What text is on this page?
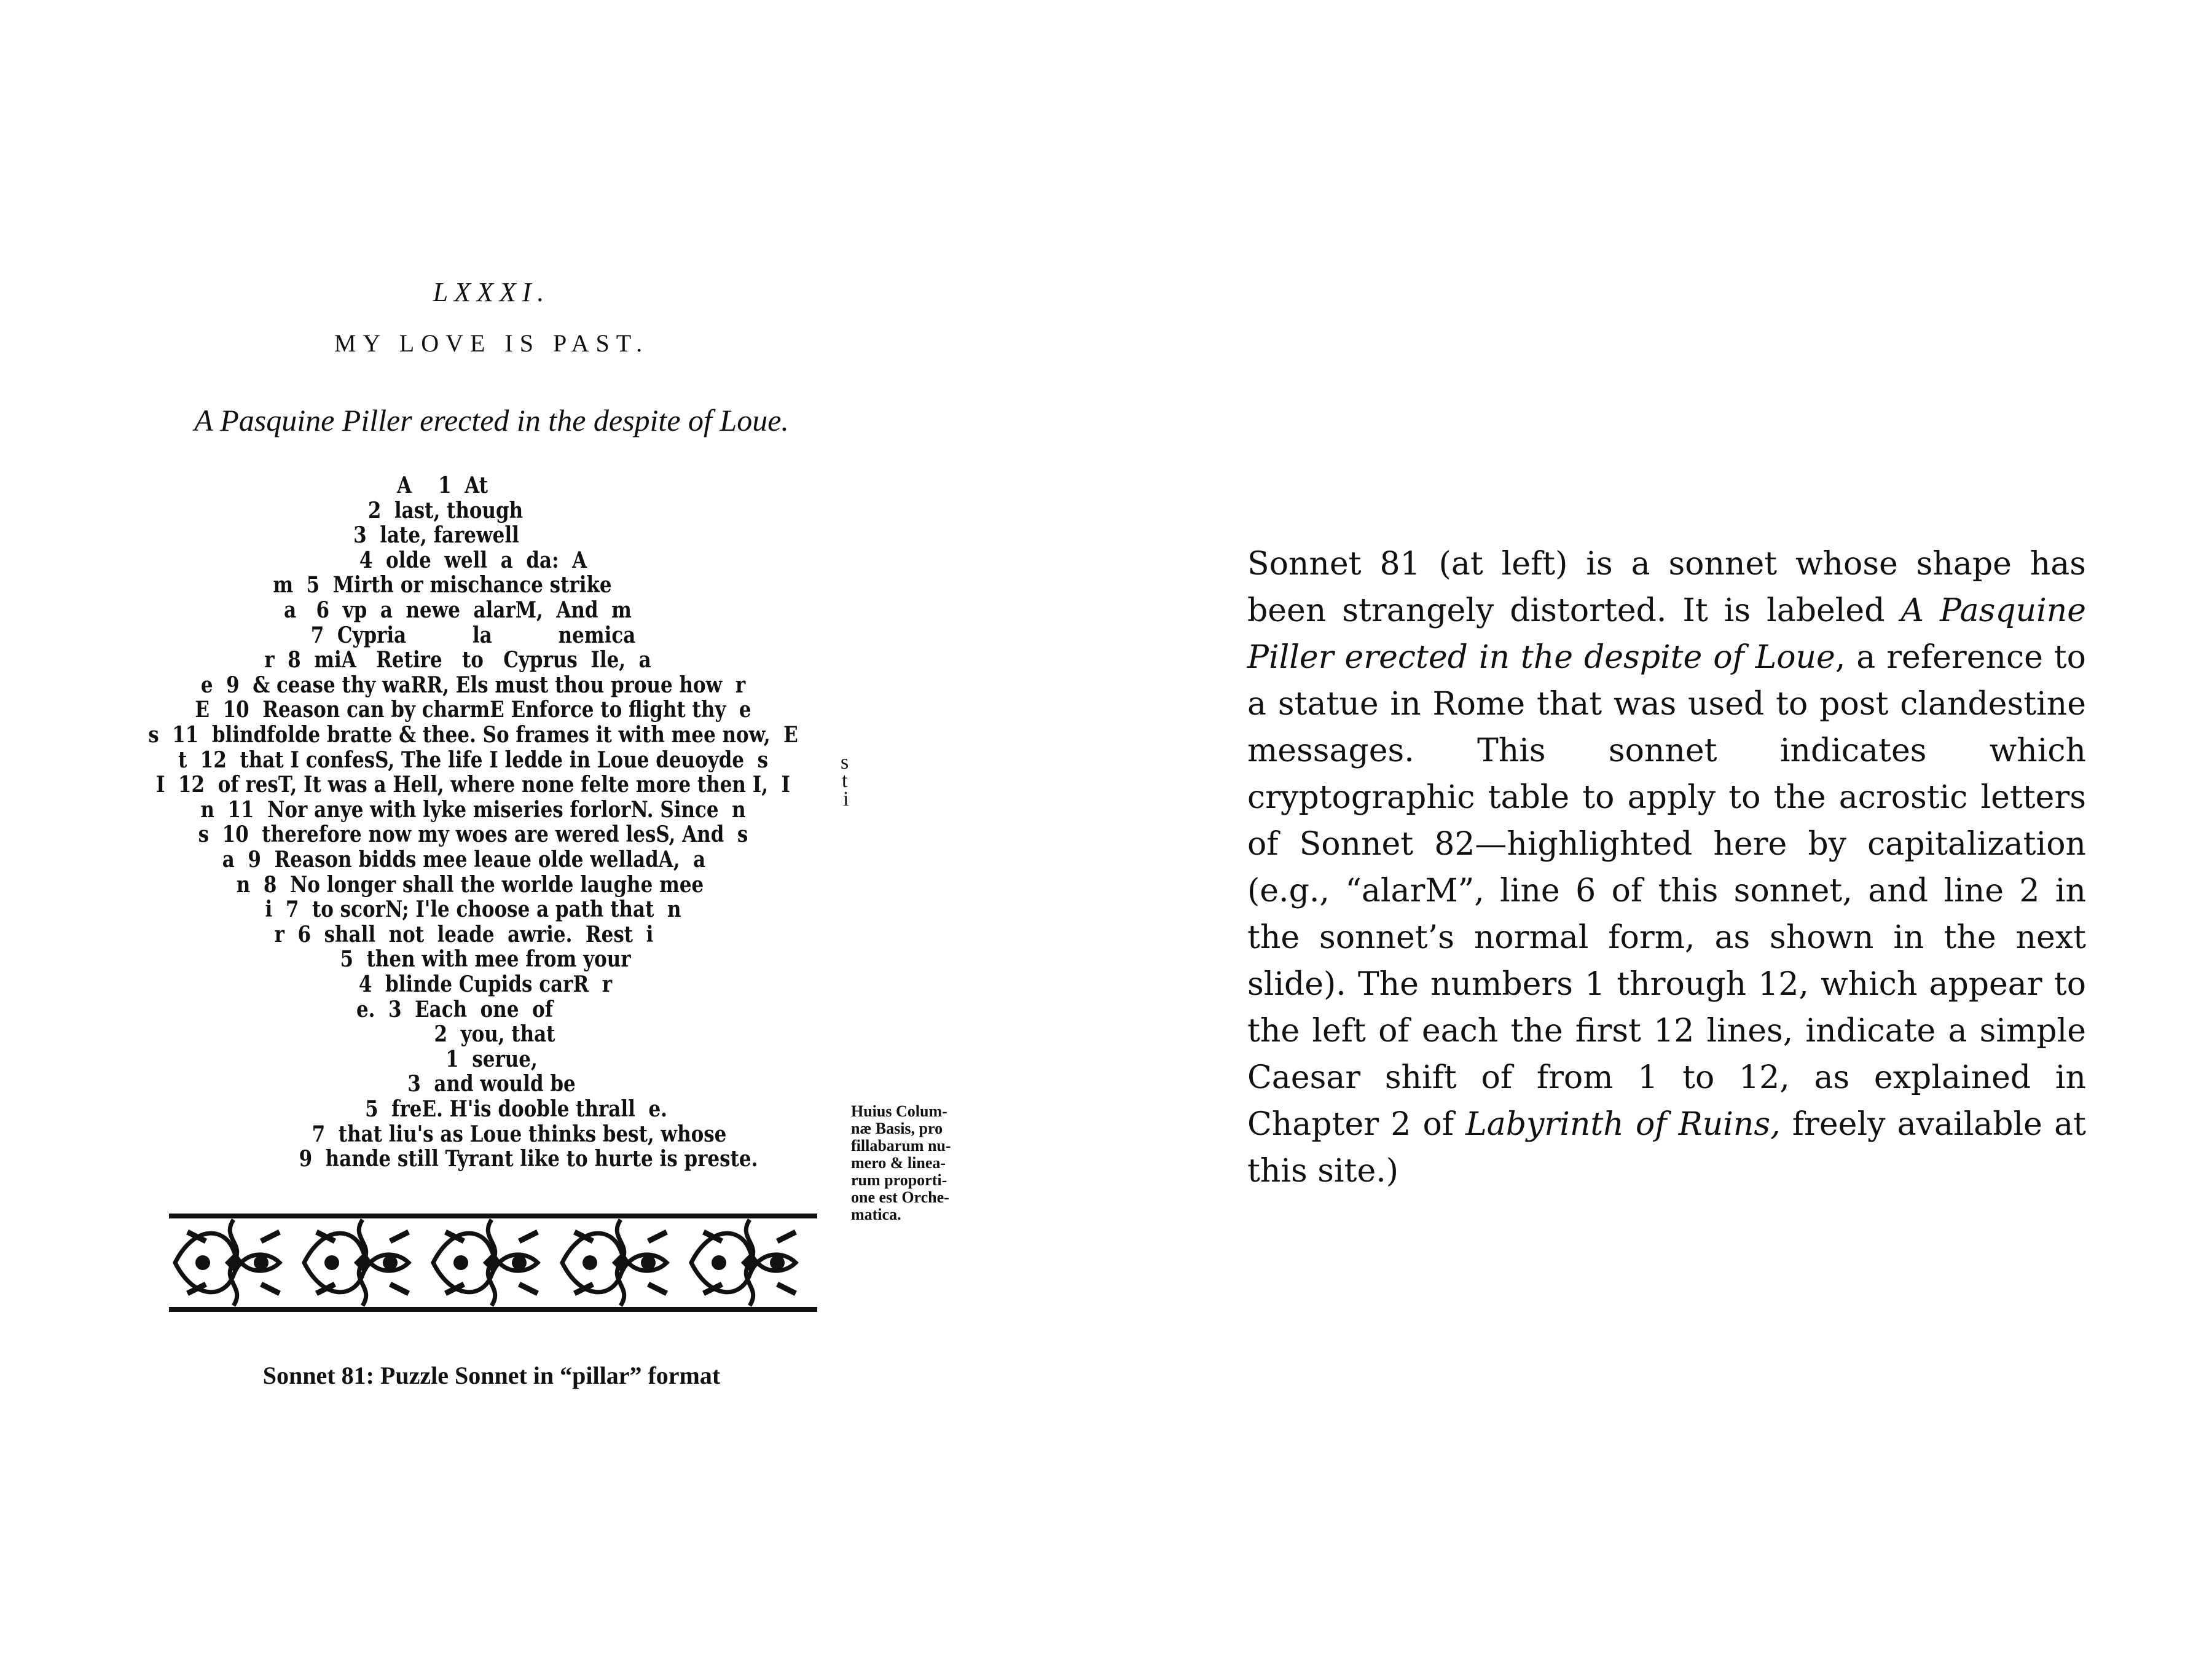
LXXXI.
MY LOVE IS PAST.
A Pasquine Piller erected in the despite of Loue.
A    1  At
2  last, though
3  late, farewell
4  olde  well  a  da:  A
m  5  Mirth or mischance strike
a   6  vp  a  newe  alarM,  And  m
7  Cypria          la          nemica
r  8  miA   Retire   to   Cyprus  Ile,  a
e  9  & cease thy waRR, Els must thou proue how  r
E  10  Reason can by charmE Enforce to flight thy  e
s  11  blindfolde bratte & thee. So frames it with mee now,  E
t  12  that I confesS, The life I ledde in Loue deuoyde  s
I  12  of resT, It was a Hell, where none felte more then I,  I
n  11  Nor anye with lyke miseries forlorN. Since  n
s  10  therefore now my woes are wered lesS, And  s
a  9  Reason bidds mee leaue olde welladA,  a
n  8  No longer shall the worlde laughe mee
i  7  to scorN; I'le choose a path that  n
r  6  shall  not  leade  awrie.  Rest  i
5  then with mee from your
4  blinde Cupids carR  r
e.  3  Each  one  of
2  you, that
1  serue,
3  and would be
5  freE. H'is dooble thrall  e.
7  that liu's as Loue thinks best, whose
9  hande still Tyrant like to hurte is preste.
s
t
i
Huius Colum-
næ Basis, pro
fillabarum nu-
mero & linea-
rum proporti-
one est Orche-
matica.
Sonnet 81: Puzzle Sonnet in “pillar” format

Sonnet 81 (at left) is a sonnet whose shape has been strangely distorted. It is labeled A Pasquine Piller erected in the despite of Loue, a reference to a statue in Rome that was used to post clandestine messages. This sonnet indicates which cryptographic table to apply to the acrostic letters of Sonnet 82—highlighted here by capitalization (e.g., “alarM”, line 6 of this sonnet, and line 2 in the sonnet’s normal form, as shown in the next slide). The numbers 1 through 12, which appear to the left of each the first 12 lines, indicate a simple Caesar shift of from 1 to 12, as explained in Chapter 2 of Labyrinth of Ruins, freely available at this site.)
